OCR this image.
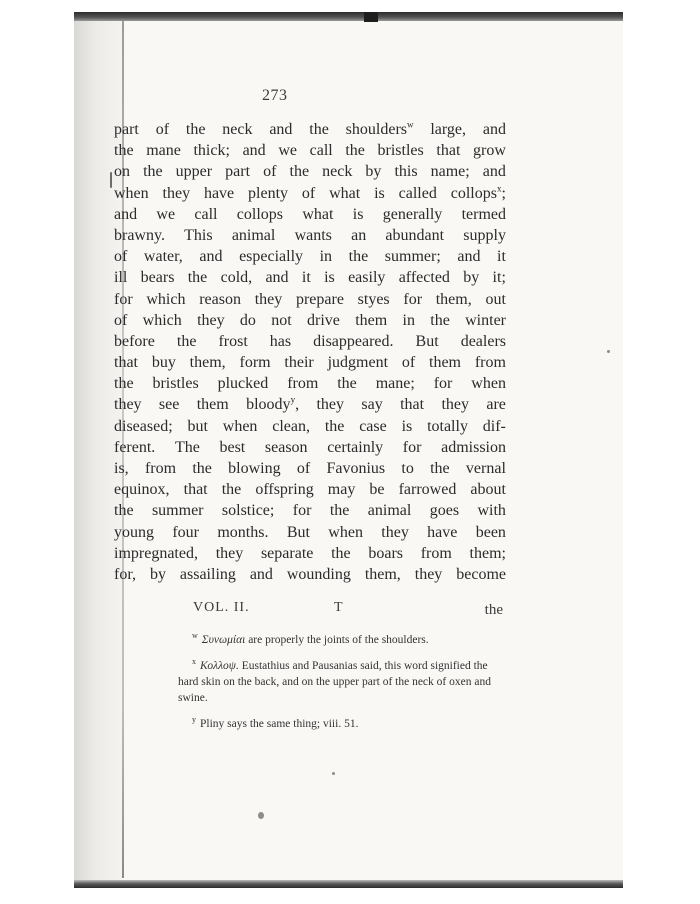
273
part of the neck and the shoulders$^w$ large, and
the mane thick; and we call the bristles that grow
on the upper part of the neck by this name; and
when they have plenty of what is called collops$^x$;
and we call collops what is generally termed
brawny. This animal wants an abundant supply
of water, and especially in the summer; and it
ill bears the cold, and it is easily affected by it;
for which reason they prepare styes for them, out
of which they do not drive them in the winter
before the frost has disappeared. But dealers
that buy them, form their judgment of them from
the bristles plucked from the mane; for when
they see them bloody$^y$, they say that they are
diseased; but when clean, the case is totally dif-
ferent. The best season certainly for admission
is, from the blowing of Favonius to the vernal
equinox, that the offspring may be farrowed about
the summer solstice; for the animal goes with
young four months. But when they have been
impregnated, they separate the boars from them;
for, by assailing and wounding them, they become
VOL. II.	T	the

$^w$ Συνωμίαι are properly the joints of the shoulders.

$^x$ Κολλοψ. Eustathius and Pausanias said, this word signified the hard skin on the back, and on the upper part of the neck of oxen and swine.

$^y$ Pliny says the same thing; viii. 51.
